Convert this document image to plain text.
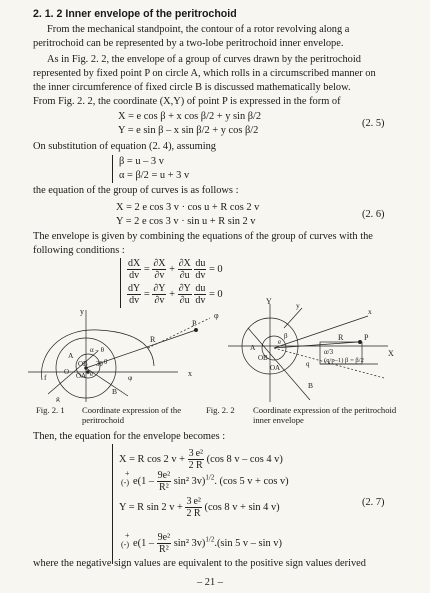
2. 1. 2 Inner envelope of the peritrochoid
From the mechanical standpoint, the contour of a rotor revolving along a
peritrochoid can be represented by a two-lobe peritrochoid inner envelope.
As in Fig. 2. 2, the envelope of a group of curves drawn by the peritrochoid
represented by fixed point P on circle A, which rolls in a circumscribed manner on
the inner circumference of fixed circle B is discussed mathematically below.
From Fig. 2. 2, the coordinate (X,Y) of point P is expressed in the form of
X = e cos β + x cos β/2 + y sin β/2
Y = e sin β – x sin β/2 + y cos β/2
(2. 5)
On substitution of equation (2. 4), assuming
β = u – 3 v
α = β/2 = u + 3 v
the equation of the group of curves is as follows :
X = 2 e cos 3 v · cos u + R cos 2 v
Y = 2 e cos 3 v · sin u + R sin 2 v
(2. 6)
The envelope is given by combining the equations of the group of curves with the
following conditions :
$\frac{dX}{dv} = \frac{\partial X}{\partial v} + \frac{\partial X}{\partial u}$
$\frac{du}{dv} = 0$
$\frac{dY}{dv} = \frac{\partial Y}{\partial v} + \frac{\partial Y}{\partial u}$
$\frac{du}{dv} = 0$
y
x
φ
R
P
A
α – θ
OB 3θ θ
OA
O	e	φ
f
g
B
Y	y
x
X
R	P
A
OB
OA
e
β
q
α/3
(q/p–1) β = β/2
B
Fig. 2. 1	Coordinate expression of the peritrochoid
Fig. 2. 2	Coordinate expression of the peritrochoid inner envelope
Then, the equation for the envelope becomes :
X = R cos 2 $v + \frac{3}{2} \frac{\text{e²}}{R} (\cos$ 8 v – cos 4 v)
+
(-) $e(1 - \frac{\text{9e²}}{\text{R²}} \sin^2$ 3v)$^{1/2}$. (cos 5 v + cos v)
Y = R sin 2 $v + \frac{3}{2} \frac{\text{e²}}{R} (\cos$ 8 v + sin 4 v)
+
(-) $e(1 - \frac{\text{9e²}}{\text{R²}} \sin^2$ 3v)$^{1/2}$.(sin 5 v – sin v)
(2. 7)
where the negative sign values are equivalent to the positive sign values derived
– 21 –
